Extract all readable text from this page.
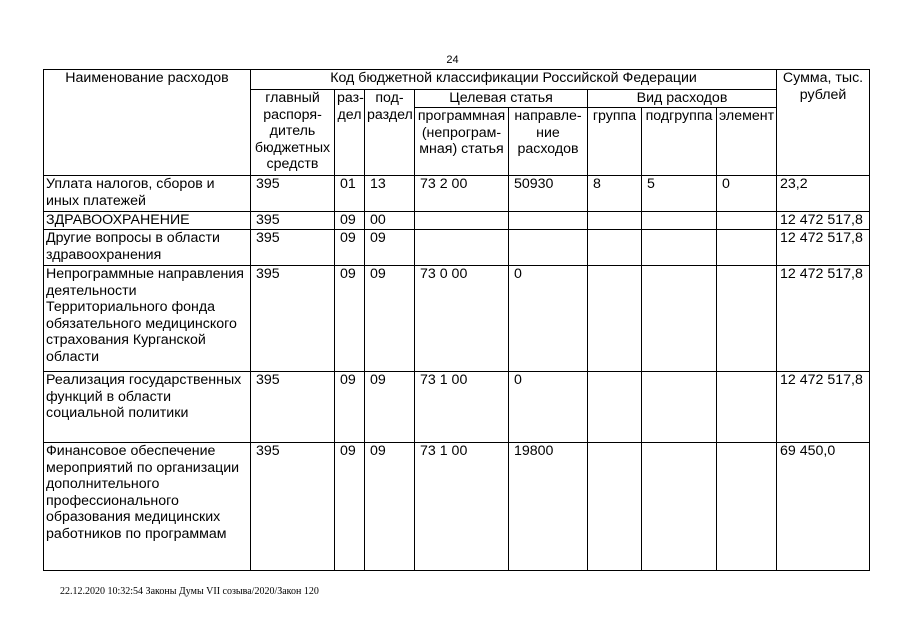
24
Наименование расходов	Код бюджетной классификации Российской Федерации								Сумма, тыс. рублей
	главный распоря-дитель бюджетных средств	раз-дел	под-раздел	Целевая статья		Вид расходов			
				программная (непрограм-мная) статья	направле-ние расходов	группа	подгруппа	элемент	
Уплата налогов, сборов и иных платежей	395	01	13	73 2 00	50930	8	5	0	23,2
ЗДРАВООХРАНЕНИЕ	395	09	00						12 472 517,8
Другие вопросы в области здравоохранения	395	09	09						12 472 517,8
Непрограммные направления деятельности Территориального фонда обязательного медицинского страхования Курганской области	395	09	09	73 0 00	0				12 472 517,8
Реализация государственных функций в области социальной политики	395	09	09	73 1 00	0				12 472 517,8
Финансовое обеспечение мероприятий по организации дополнительного профессионального образования медицинских работников по программам	395	09	09	73 1 00	19800				69 450,0
22.12.2020 10:32:54 Законы Думы VII созыва/2020/Закон 120
